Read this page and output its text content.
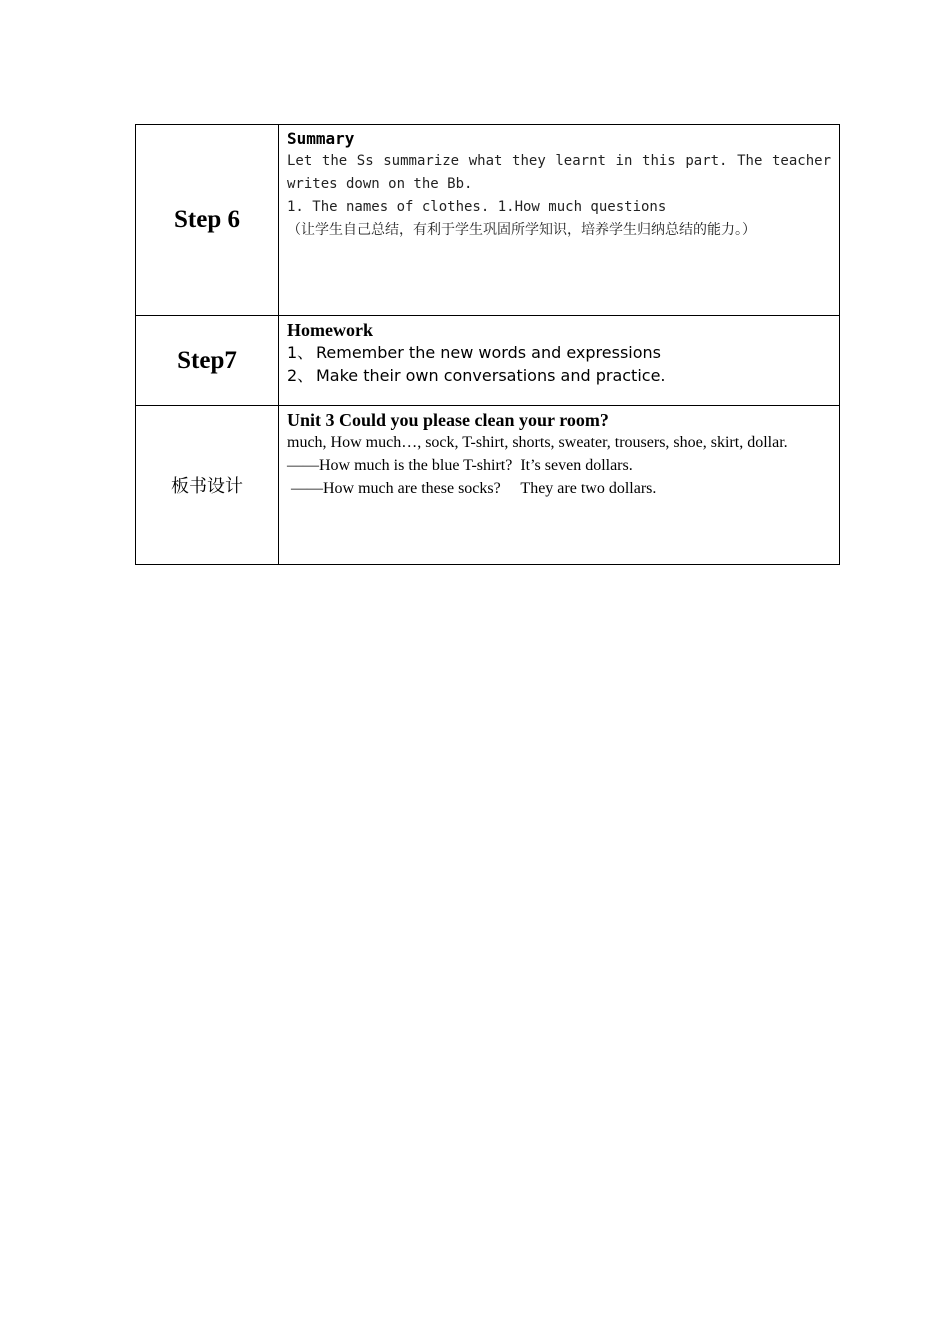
Step 6	Summary
Let the Ss summarize what they learnt in this part. The teacher writes down on the Bb.
1. The names of clothes. 1.How much questions
（让学生自己总结，有利于学生巩固所学知识，培养学生归纳总结的能力。）

Step7	Homework
1、 Remember the new words and expressions
2、 Make their own conversations and practice.

板书设计	Unit 3 Could you please clean your room?
much, How much…, sock, T-shirt, shorts, sweater, trousers, shoe, skirt, dollar.
——How much is the blue T-shirt?  It’s seven dollars.
——How much are these socks?     They are two dollars.
